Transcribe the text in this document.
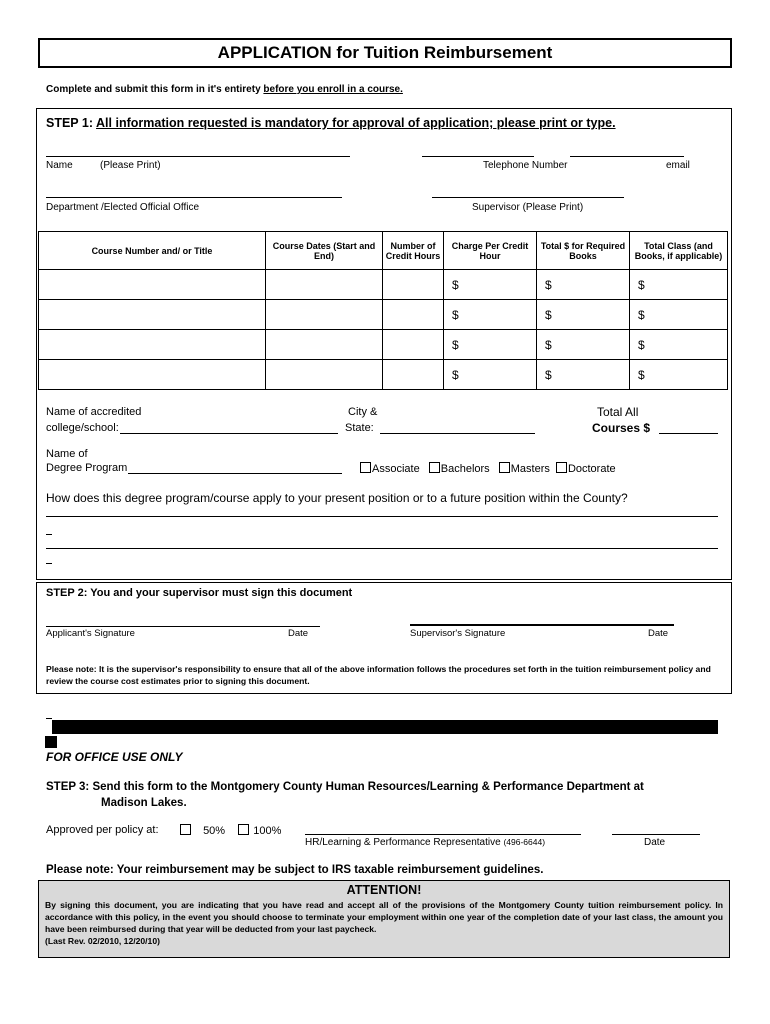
APPLICATION for Tuition Reimbursement
Complete and submit this form in it's entirety before you enroll in a course.
STEP 1: All information requested is mandatory for approval of application; please print or type.
Name	(Please Print)	Telephone Number	email
Department /Elected Official Office	Supervisor (Please Print)
Course Number and/ or Title	Course Dates (Start and End)	Number of Credit Hours	Charge Per Credit Hour	Total $ for Required Books	Total Class (and Books, if applicable)
			$	$	$
			$	$	$
			$	$	$
			$	$	$
Name of accredited
college/school:
City &
State:
Total All
Courses $
Name of
Degree Program	Associate Bachelors Masters Doctorate
How does this degree program/course apply to your present position or to a future position within the County?
STEP 2: You and your supervisor must sign this document
Applicant's Signature	Date	Supervisor's Signature	Date
Please note: It is the supervisor's responsibility to ensure that all of the above information follows the procedures set forth in the tuition reimbursement policy and review the course cost estimates prior to signing this document.
FOR OFFICE USE ONLY
STEP 3: Send this form to the Montgomery County Human Resources/Learning & Performance Department at
Madison Lakes.
Approved per policy at:	50%	100%
HR/Learning & Performance Representative (496-6644)	Date
Please note: Your reimbursement may be subject to IRS taxable reimbursement guidelines.
ATTENTION!
By signing this document, you are indicating that you have read and accept all of the provisions of the Montgomery County tuition reimbursement policy. In accordance with this policy, in the event you should choose to terminate your employment within one year of the completion date of your last class, the amount you have been reimbursed during that year will be deducted from your last paycheck.
(Last Rev. 02/2010, 12/20/10)
